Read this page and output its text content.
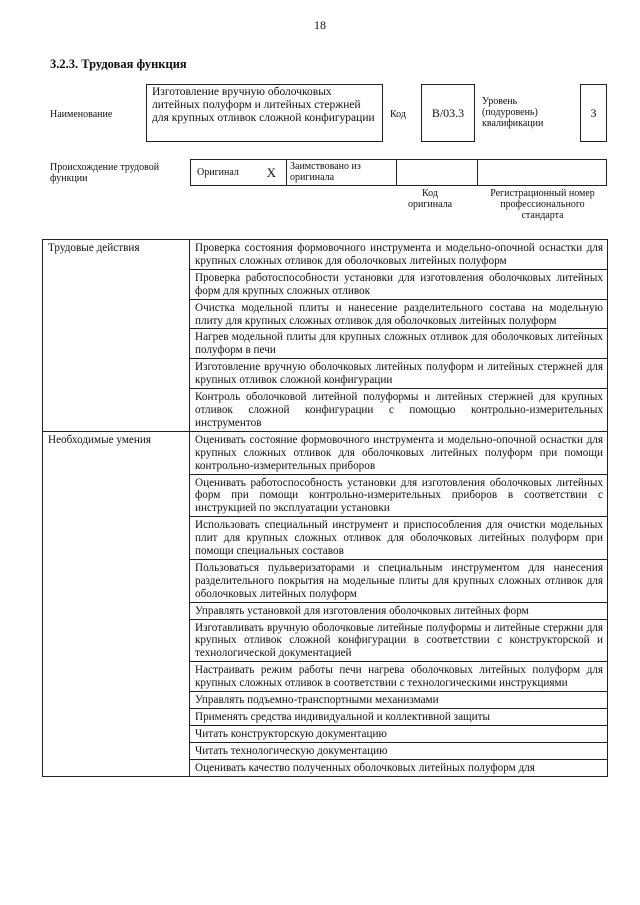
18
3.2.3. Трудовая функция
Наименование
Изготовление вручную оболочковых литейных полуформ и литейных стержней для крупных отливок сложной конфигурации	Код	B/03.3
Уровень
(подуровень)
квалификации
3
Происхождение трудовой функции
Оригинал	X	Заимствовано из оригинала
Код оригинала
Регистрационный номер профессионального стандарта
Трудовые действия	Проверка состояния формовочного инструмента и модельно-опочной оснастки для крупных сложных отливок для оболочковых литейных полуформ
	Проверка работоспособности установки для изготовления оболочковых литейных форм для крупных сложных отливок
	Очистка модельной плиты и нанесение разделительного состава на модельную плиту для крупных сложных отливок для оболочковых литейных полуформ
	Нагрев модельной плиты для крупных сложных отливок для оболочковых литейных полуформ в печи
	Изготовление вручную оболочковых литейных полуформ и литейных стержней для крупных отливок сложной конфигурации
	Контроль оболочковой литейной полуформы и литейных стержней для крупных отливок сложной конфигурации с помощью контрольно-измерительных инструментов
Необходимые умения	Оценивать состояние формовочного инструмента и модельно-опочной оснастки для крупных сложных отливок для оболочковых литейных полуформ при помощи контрольно-измерительных приборов
	Оценивать работоспособность установки для изготовления оболочковых литейных форм при помощи контрольно-измерительных приборов в соответствии с инструкцией по эксплуатации установки
	Использовать специальный инструмент и приспособления для очистки модельных плит для крупных сложных отливок для оболочковых литейных полуформ при помощи специальных составов
	Пользоваться пульверизаторами и специальным инструментом для нанесения разделительного покрытия на модельные плиты для крупных сложных отливок для оболочковых литейных полуформ
	Управлять установкой для изготовления оболочковых литейных форм
	Изготавливать вручную оболочковые литейные полуформы и литейные стержни для крупных отливок сложной конфигурации в соответствии с конструкторской и технологической документацией
	Настраивать режим работы печи нагрева оболочковых литейных полуформ для крупных сложных отливок в соответствии с технологическими инструкциями
	Управлять подъемно-транспортными механизмами
	Применять средства индивидуальной и коллективной защиты
	Читать конструкторскую документацию
	Читать технологическую документацию
	Оценивать качество полученных оболочковых литейных полуформ для
